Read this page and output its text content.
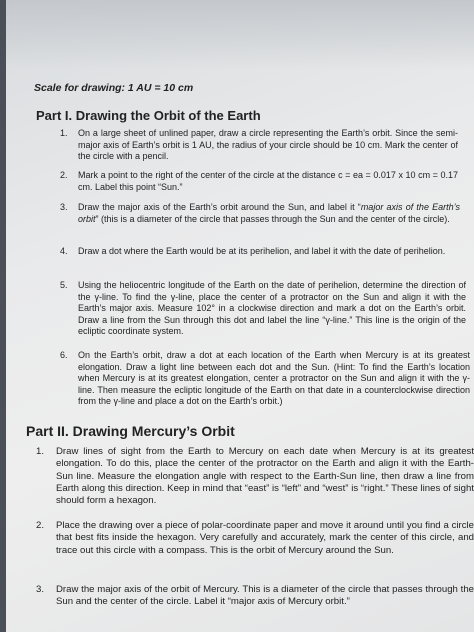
Scale for drawing: 1 AU = 10 cm
Part I. Drawing the Orbit of the Earth
1.	On a large sheet of unlined paper, draw a circle representing the Earth’s orbit. Since the semi-major axis of Earth’s orbit is 1 AU, the radius of your circle should be 10 cm. Mark the center of the circle with a pencil.
2.	Mark a point to the right of the center of the circle at the distance c = ea = 0.017 x 10 cm = 0.17 cm. Label this point “Sun.”
3.	Draw the major axis of the Earth’s orbit around the Sun, and label it “major axis of the Earth’s orbit” (this is a diameter of the circle that passes through the Sun and the center of the circle).
4.	Draw a dot where the Earth would be at its perihelion, and label it with the date of perihelion.
5.	Using the heliocentric longitude of the Earth on the date of perihelion, determine the direction of the γ-line. To find the γ-line, place the center of a protractor on the Sun and align it with the Earth’s major axis. Measure 102° in a clockwise direction and mark a dot on the Earth’s orbit. Draw a line from the Sun through this dot and label the line “γ-line.” This line is the origin of the ecliptic coordinate system.
6.	On the Earth’s orbit, draw a dot at each location of the Earth when Mercury is at its greatest elongation. Draw a light line between each dot and the Sun. (Hint: To find the Earth’s location when Mercury is at its greatest elongation, center a protractor on the Sun and align it with the γ-line. Then measure the ecliptic longitude of the Earth on that date in a counterclockwise direction from the γ-line and place a dot on the Earth’s orbit.)
Part II. Drawing Mercury’s Orbit
1. Draw lines of sight from the Earth to Mercury on each date when Mercury is at its greatest elongation. To do this, place the center of the protractor on the Earth and align it with the Earth-Sun line. Measure the elongation angle with respect to the Earth-Sun line, then draw a line from Earth along this direction. Keep in mind that “east” is “left” and “west” is “right.” These lines of sight should form a hexagon.
2. Place the drawing over a piece of polar-coordinate paper and move it around until you find a circle that best fits inside the hexagon. Very carefully and accurately, mark the center of this circle, and trace out this circle with a compass. This is the orbit of Mercury around the Sun.
3. Draw the major axis of the orbit of Mercury. This is a diameter of the circle that passes through the Sun and the center of the circle. Label it “major axis of Mercury orbit.”
